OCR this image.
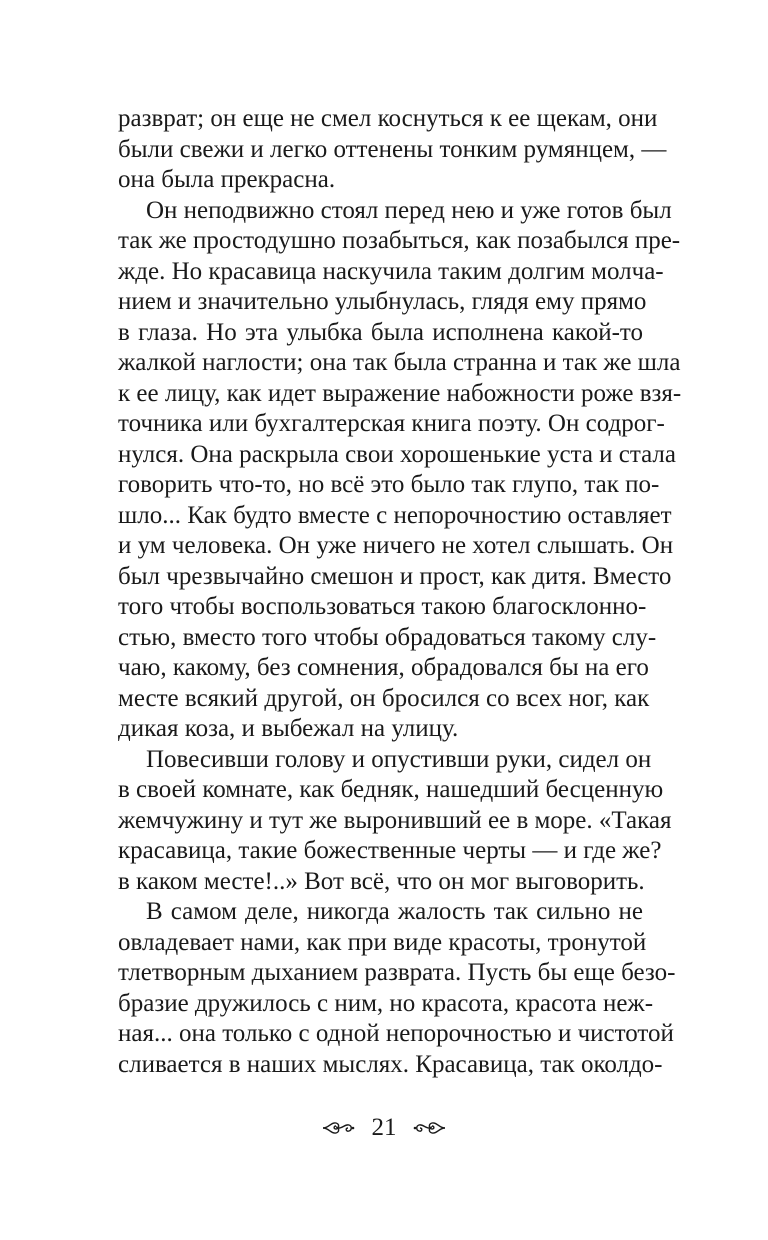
разврат; он еще не смел коснуться к ее щекам, они
были свежи и легко оттенены тонким румянцем, —
она была прекрасна.
Он неподвижно стоял перед нею и уже готов был
так же простодушно позабыться, как позабылся пре-
жде. Но красавица наскучила таким долгим молча-
нием и значительно улыбнулась, глядя ему прямо
в глаза. Но эта улыбка была исполнена какой-то
жалкой наглости; она так была странна и так же шла
к ее лицу, как идет выражение набожности роже взя-
точника или бухгалтерская книга поэту. Он содрог-
нулся. Она раскрыла свои хорошенькие уста и стала
говорить что-то, но всё это было так глупо, так по-
шло... Как будто вместе с непорочностию оставляет
и ум человека. Он уже ничего не хотел слышать. Он
был чрезвычайно смешон и прост, как дитя. Вместо
того чтобы воспользоваться такою благосклонно-
стью, вместо того чтобы обрадоваться такому слу-
чаю, какому, без сомнения, обрадовался бы на его
месте всякий другой, он бросился со всех ног, как
дикая коза, и выбежал на улицу.
Повесивши голову и опустивши руки, сидел он
в своей комнате, как бедняк, нашедший бесценную
жемчужину и тут же выронивший ее в море. «Такая
красавица, такие божественные черты — и где же?
в каком месте!..» Вот всё, что он мог выговорить.
В самом деле, никогда жалость так сильно не
овладевает нами, как при виде красоты, тронутой
тлетворным дыханием разврата. Пусть бы еще безо-
бразие дружилось с ним, но красота, красота неж-
ная... она только с одной непорочностью и чистотой
сливается в наших мыслях. Красавица, так околдо-
21
